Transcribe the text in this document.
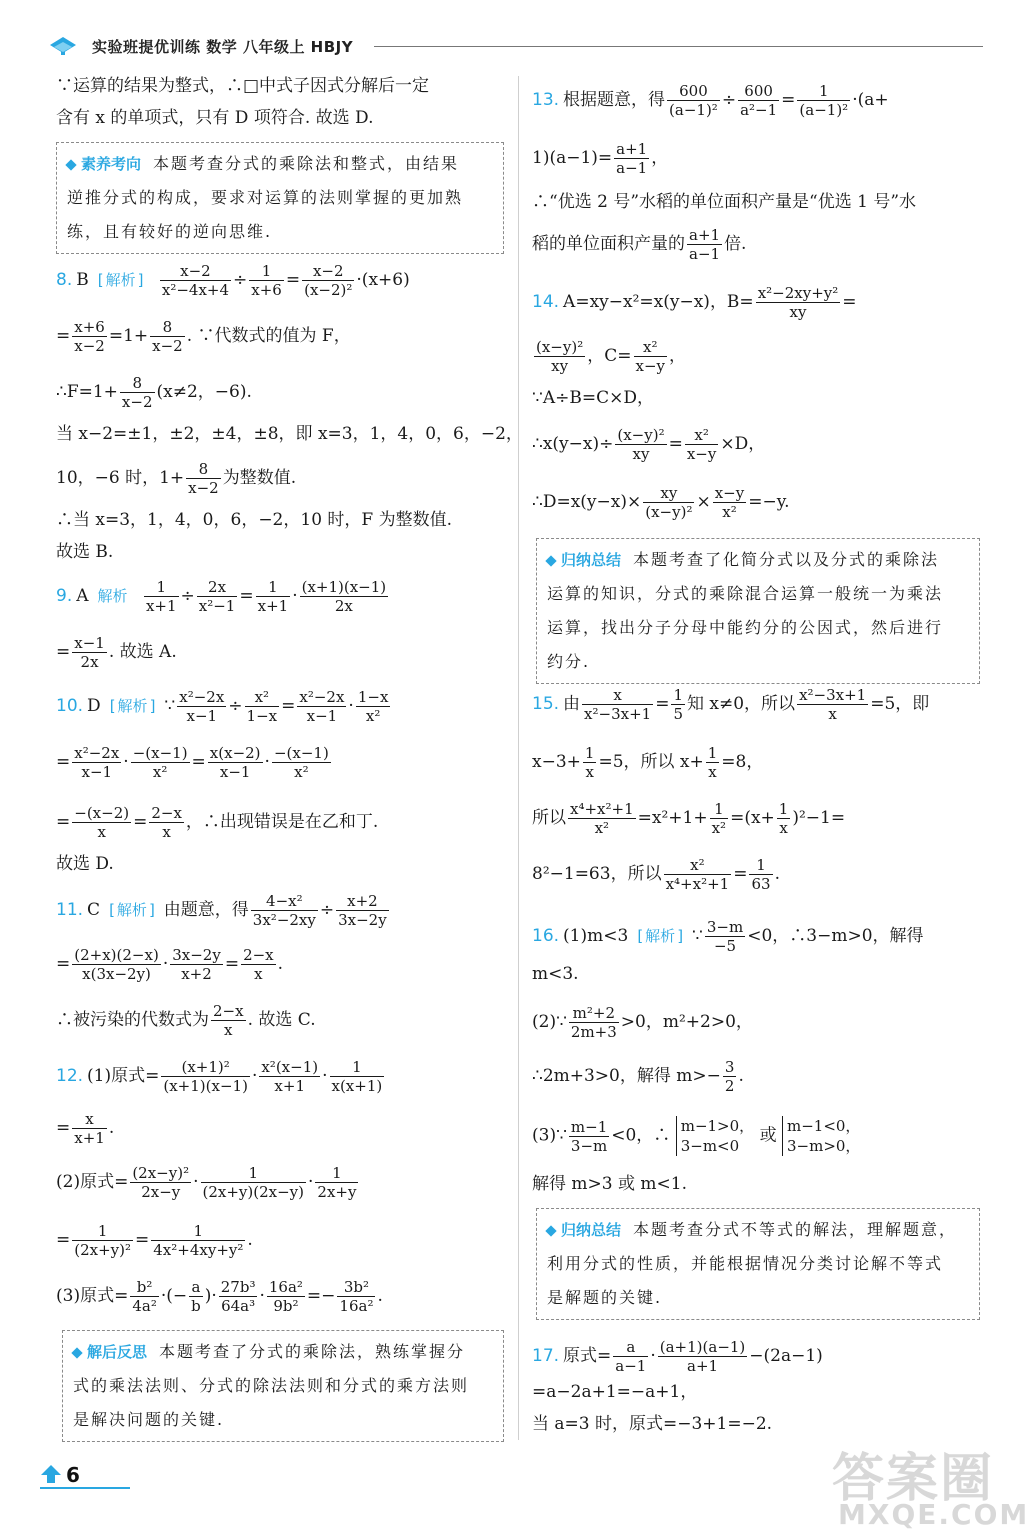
实验班提优训练 数学 八年级上 HBJY
∵运算的结果为整式，∴□中式子因式分解后一定
含有 x 的单项式，只有 D 项符合. 故选 D.
素养考向 本题考查分式的乘除法和整式，由结果
逆推分式的构成，要求对运算的法则掌握的更加熟
练，且有较好的逆向思维.
8. B [ 解析 ] $\frac{x-2}{\text{x²−4x+4}} \div \frac{1}{x+6} = \frac{x-2}{\text{(x−2)²}} \cdot(x+6)$
= $\frac{x+6}{x-2} =1+ \frac{8}{x-2}$ . ∵代数式的值为 F，
∴F=1+ $\frac{8}{x-2} (x\ne 2$，−6).
当 x−2=±1，±2，±4，±8，即 x=3，1，4，0，6，−2，
10，−6 时，$1+ \frac{8}{x-2}$ 为整数值.
∴当 x=3，1，4，0，6，−2，10 时，F 为整数值.
故选 B.
9. A 解析 $\frac{1}{x+1} \div \frac{2x}{\text{x²−1}} = \frac{1}{x+1} \cdot \frac{(x+1)(x-1)}{2x}$
= $\frac{x-1}{2x}$ . 故选 A.
10. D [ 解析 ] ∵ $\frac{\text{x²−2x}}{x-1} \div \frac{\text{x²}}{1-x} = \frac{\text{x²−2x}}{x-1} \cdot \frac{1-x}{\text{x²}}$
= $\frac{\text{x²−2x}}{x-1} \cdot \frac{-(x-1)}{\text{x²}} = \frac{x(x-2)}{x-1} \cdot \frac{-(x-1)}{\text{x²}}$
= $\frac{-(x-2)}{x} = \frac{2-x}{x}$ ，∴出现错误是在乙和丁.
故选 D.
11. C [ 解析 ] 由题意，得 $\frac{\text{4−x²}}{\text{3x²−2xy}} \div \frac{x+2}{3x-2y}$
= $\frac{(2+x)(2-x)}{x(3x-2y)} \cdot \frac{3x-2y}{x+2} = \frac{2-x}{x}$ .
∴被污染的代数式为 $\frac{2-x}{x}$ . 故选 C.
12. (1)原式= $\frac{\text{(x+1)²}}{(x+1)(x-1)} \cdot \frac{\text{x²(x−1)}}{x+1} \cdot \frac{1}{x(x+1)}$
= $\frac{x}{x+1}$ .
(2)原式= $\frac{\text{(2x−y)²}}{2x-y} \cdot \frac{1}{(2x+y)(2x-y)} \cdot \frac{1}{2x+y}$
= $\frac{1}{\text{(2x+y)²}} = \frac{1}{\text{4x²+4xy+y²}}$ .
(3)原式= $\frac{\text{b²}}{\text{4a²}}$ ·(− $\frac{a}{b}$ )· $\frac{\text{27b³}}{\text{64a³}} \cdot \frac{\text{16a²}}{\text{9b²}} =- \frac{\text{3b²}}{\text{16a²}}$ .
解后反思 本题考查了分式的乘除法，熟练掌握分
式的乘法法则、分式的除法法则和分式的乘方法则
是解决问题的关键.
13. 根据题意，得 $\frac{600}{\text{(a−1)²}} \div \frac{600}{\text{a²−1}} = \frac{1}{\text{(a−1)²}} \cdot(a+$
$1)(a-1)= \frac{a+1}{a-1}$ ，
∴“优选 2 号”水稻的单位面积产量是“优选 1 号”水
稻的单位面积产量的 $\frac{a+1}{a-1}$ 倍.
14. A=xy−x²=x(y−x)，$B= \frac{\text{x²−2xy+y²}}{xy}$ =
$\frac{\text{(x−y)²}}{xy}$ ，$C= \frac{\text{x²}}{x-y}$ ，
∵A÷B=C×D，
∴x(y−x)÷ $\frac{\text{(x−y)²}}{xy} = \frac{\text{x²}}{x-y} \times D$，
∴D=x(y−x)× $\frac{xy}{\text{(x−y)²}} \times \frac{x-y}{\text{x²}} =-y$.
归纳总结 本题考查了化简分式以及分式的乘除法
运算的知识，分式的乘除混合运算一般统一为乘法
运算，找出分子分母中能约分的公因式，然后进行
约分.
15. 由 $\frac{x}{\text{x²−3x+1}} = \frac{1}{5}$ 知 x≠0，所以 $\frac{\text{x²−3x+1}}{x} =5$，即
$x-3+ \frac{1}{x} =5$，所以 $x+ \frac{1}{x} =8$，
所以 $\frac{\text{x⁴+x²+1}}{\text{x²}} =x^2+1+ \frac{1}{\text{x²}} =(x+ \frac{1}{x} )^2-1=$
8²−1=63，所以 $\frac{\text{x²}}{\text{x⁴+x²+1}} = \frac{1}{63}$ .
16. (1)m<3 [ 解析 ] ∵ $\frac{3-m}{-5} <0$，∴3−m>0，解得
m<3.
(2)∵ $\frac{\text{m²+2}}{2m+3} >0$，m²+2>0，
∴2m+3>0，解得 $m>- \frac{3}{2}$ .
(3)∵ $\frac{m-1}{3-m} <0$，∴ m−1>0，
3−m<0
或 m−1<0，
3−m>0，
解得 m>3 或 m<1.
归纳总结 本题考查分式不等式的解法，理解题意，
利用分式的性质，并能根据情况分类讨论解不等式
是解题的关键.
17. 原式= $\frac{a}{a-1} \cdot \frac{(a+1)(a-1)}{a+1} -(2a-1)$
=a−2a+1=−a+1，
当 a=3 时，原式=−3+1=−2.
6	答案圈
MXQE.COM
